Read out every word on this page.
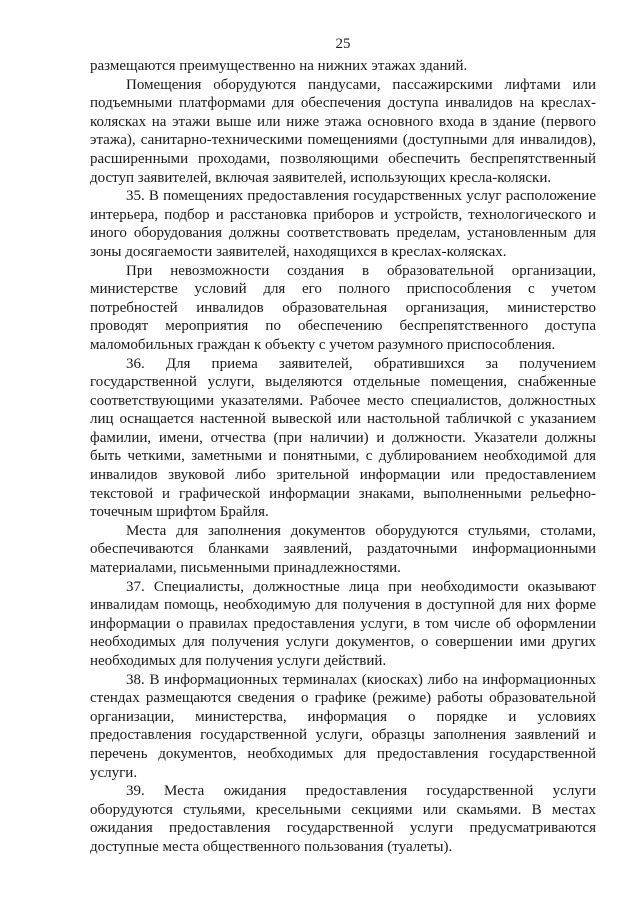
25

размещаются преимущественно на нижних этажах зданий.

Помещения оборудуются пандусами, пассажирскими лифтами или подъемными платформами для обеспечения доступа инвалидов на креслах-колясках на этажи выше или ниже этажа основного входа в здание (первого этажа), санитарно-техническими помещениями (доступными для инвалидов), расширенными проходами, позволяющими обеспечить беспрепятственный доступ заявителей, включая заявителей, использующих кресла-коляски.

35. В помещениях предоставления государственных услуг расположение интерьера, подбор и расстановка приборов и устройств, технологического и иного оборудования должны соответствовать пределам, установленным для зоны досягаемости заявителей, находящихся в креслах-колясках.

При невозможности создания в образовательной организации, министерстве условий для его полного приспособления с учетом потребностей инвалидов образовательная организация, министерство проводят мероприятия по обеспечению беспрепятственного доступа маломобильных граждан к объекту с учетом разумного приспособления.

36. Для приема заявителей, обратившихся за получением государственной услуги, выделяются отдельные помещения, снабженные соответствующими указателями. Рабочее место специалистов, должностных лиц оснащается настенной вывеской или настольной табличкой с указанием фамилии, имени, отчества (при наличии) и должности. Указатели должны быть четкими, заметными и понятными, с дублированием необходимой для инвалидов звуковой либо зрительной информации или предоставлением текстовой и графической информации знаками, выполненными рельефно-точечным шрифтом Брайля.

Места для заполнения документов оборудуются стульями, столами, обеспечиваются бланками заявлений, раздаточными информационными материалами, письменными принадлежностями.

37. Специалисты, должностные лица при необходимости оказывают инвалидам помощь, необходимую для получения в доступной для них форме информации о правилах предоставления услуги, в том числе об оформлении необходимых для получения услуги документов, о совершении ими других необходимых для получения услуги действий.

38. В информационных терминалах (киосках) либо на информационных стендах размещаются сведения о графике (режиме) работы образовательной организации, министерства, информация о порядке и условиях предоставления государственной услуги, образцы заполнения заявлений и перечень документов, необходимых для предоставления государственной услуги.

39. Места ожидания предоставления государственной услуги оборудуются стульями, кресельными секциями или скамьями. В местах ожидания предоставления государственной услуги предусматриваются доступные места общественного пользования (туалеты).
